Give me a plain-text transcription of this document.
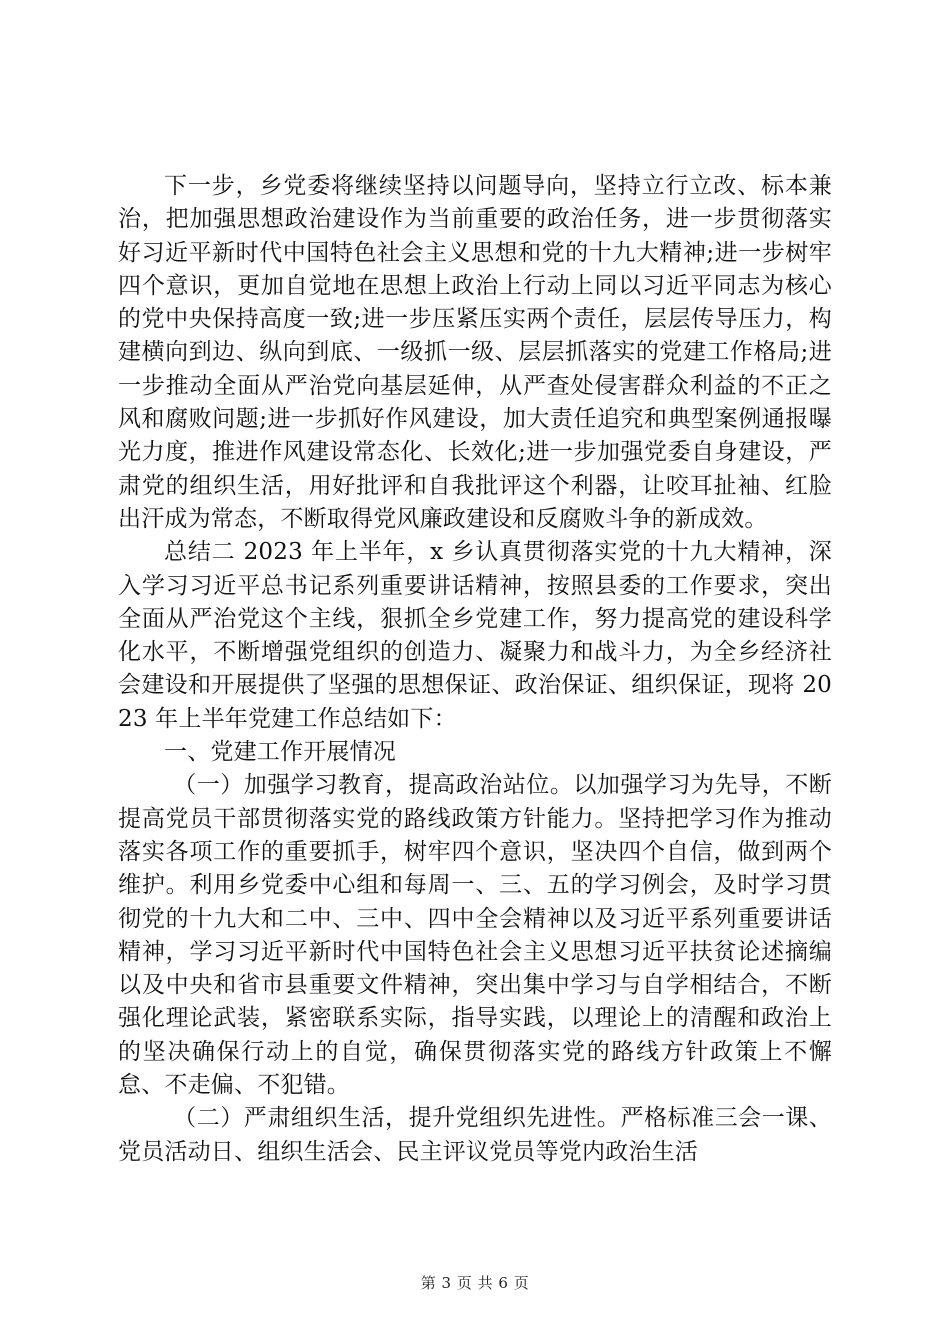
下一步，乡党委将继续坚持以问题导向，坚持立行立改、标本兼治，把加强思想政治建设作为当前重要的政治任务，进一步贯彻落实好习近平新时代中国特色社会主义思想和党的十九大精神;进一步树牢四个意识，更加自觉地在思想上政治上行动上同以习近平同志为核心的党中央保持高度一致;进一步压紧压实两个责任，层层传导压力，构建横向到边、纵向到底、一级抓一级、层层抓落实的党建工作格局;进一步推动全面从严治党向基层延伸，从严查处侵害群众利益的不正之风和腐败问题;进一步抓好作风建设，加大责任追究和典型案例通报曝光力度，推进作风建设常态化、长效化;进一步加强党委自身建设，严肃党的组织生活，用好批评和自我批评这个利器，让咬耳扯袖、红脸出汗成为常态，不断取得党风廉政建设和反腐败斗争的新成效。

总结二 2023 年上半年，x 乡认真贯彻落实党的十九大精神，深入学习习近平总书记系列重要讲话精神，按照县委的工作要求，突出全面从严治党这个主线，狠抓全乡党建工作，努力提高党的建设科学化水平，不断增强党组织的创造力、凝聚力和战斗力，为全乡经济社会建设和开展提供了坚强的思想保证、政治保证、组织保证，现将 2023 年上半年党建工作总结如下：

一、党建工作开展情况

（一）加强学习教育，提高政治站位。以加强学习为先导，不断提高党员干部贯彻落实党的路线政策方针能力。坚持把学习作为推动落实各项工作的重要抓手，树牢四个意识，坚决四个自信，做到两个维护。利用乡党委中心组和每周一、三、五的学习例会，及时学习贯彻党的十九大和二中、三中、四中全会精神以及习近平系列重要讲话精神，学习习近平新时代中国特色社会主义思想习近平扶贫论述摘编以及中央和省市县重要文件精神，突出集中学习与自学相结合，不断强化理论武装，紧密联系实际，指导实践，以理论上的清醒和政治上的坚决确保行动上的自觉，确保贯彻落实党的路线方针政策上不懈怠、不走偏、不犯错。

（二）严肃组织生活，提升党组织先进性。严格标准三会一课、党员活动日、组织生活会、民主评议党员等党内政治生活

第 3 页 共 6 页
